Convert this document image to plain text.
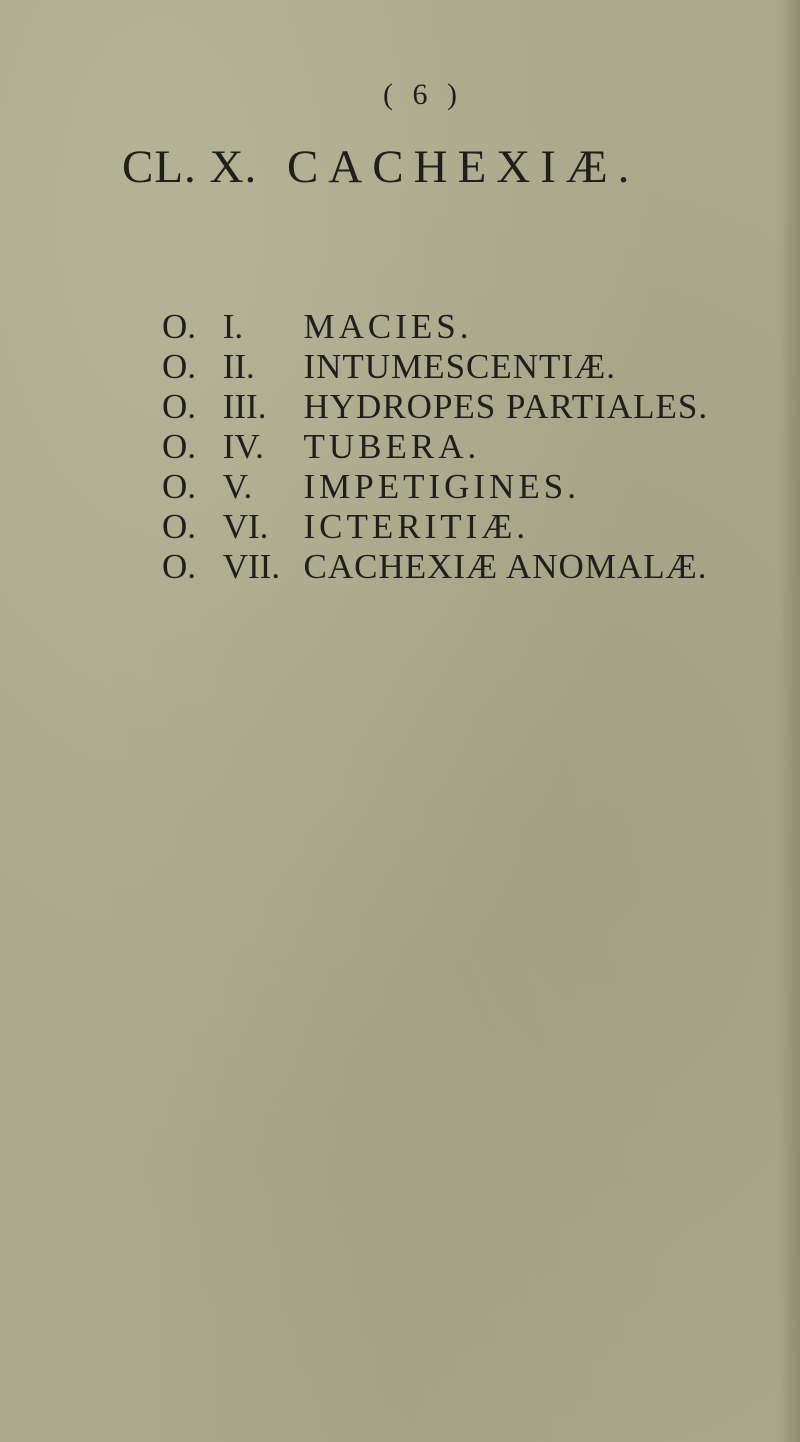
( 6 )
CL. X. CACHEXIÆ.
O. I. MACIES.
O. II. INTUMESCENTIÆ.
O. III. HYDROPES PARTIALES.
O. IV. TUBERA.
O. V. IMPETIGINES.
O. VI. ICTERITIÆ.
O. VII. CACHEXIÆ ANOMALÆ.
